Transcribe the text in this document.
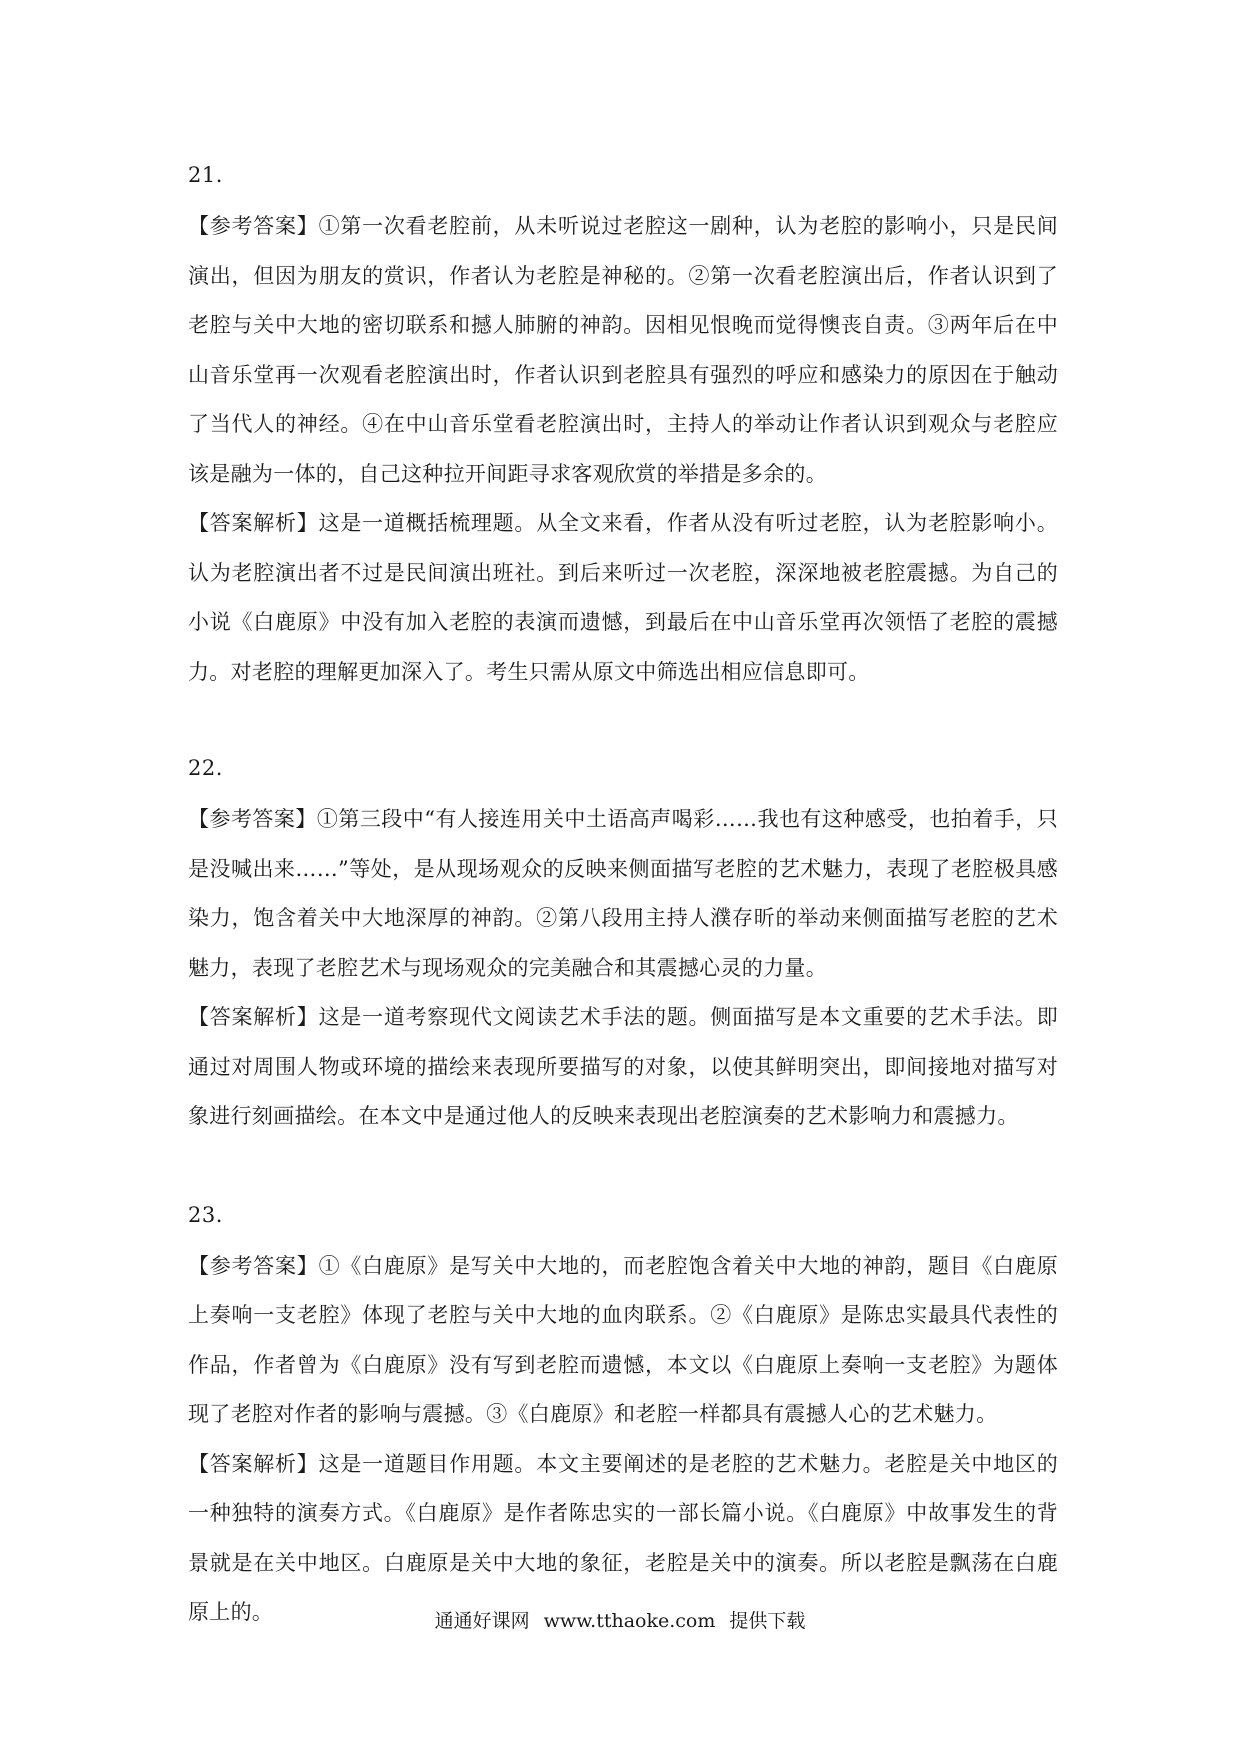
21.

【参考答案】①第一次看老腔前，从未听说过老腔这一剧种，认为老腔的影响小，只是民间演出，但因为朋友的赏识，作者认为老腔是神秘的。②第一次看老腔演出后，作者认识到了老腔与关中大地的密切联系和撼人肺腑的神韵。因相见恨晚而觉得懊丧自责。③两年后在中山音乐堂再一次观看老腔演出时，作者认识到老腔具有强烈的呼应和感染力的原因在于触动了当代人的神经。④在中山音乐堂看老腔演出时，主持人的举动让作者认识到观众与老腔应该是融为一体的，自己这种拉开间距寻求客观欣赏的举措是多余的。

【答案解析】这是一道概括梳理题。从全文来看，作者从没有听过老腔，认为老腔影响小。认为老腔演出者不过是民间演出班社。到后来听过一次老腔，深深地被老腔震撼。为自己的小说《白鹿原》中没有加入老腔的表演而遗憾，到最后在中山音乐堂再次领悟了老腔的震撼力。对老腔的理解更加深入了。考生只需从原文中筛选出相应信息即可。

22.

【参考答案】①第三段中“有人接连用关中土语高声喝彩……我也有这种感受，也拍着手，只是没喊出来……”等处，是从现场观众的反映来侧面描写老腔的艺术魅力，表现了老腔极具感染力，饱含着关中大地深厚的神韵。②第八段用主持人濮存昕的举动来侧面描写老腔的艺术魅力，表现了老腔艺术与现场观众的完美融合和其震撼心灵的力量。

【答案解析】这是一道考察现代文阅读艺术手法的题。侧面描写是本文重要的艺术手法。即通过对周围人物或环境的描绘来表现所要描写的对象，以使其鲜明突出，即间接地对描写对象进行刻画描绘。在本文中是通过他人的反映来表现出老腔演奏的艺术影响力和震撼力。

23.

【参考答案】①《白鹿原》是写关中大地的，而老腔饱含着关中大地的神韵，题目《白鹿原上奏响一支老腔》体现了老腔与关中大地的血肉联系。②《白鹿原》是陈忠实最具代表性的作品，作者曾为《白鹿原》没有写到老腔而遗憾，本文以《白鹿原上奏响一支老腔》为题体现了老腔对作者的影响与震撼。③《白鹿原》和老腔一样都具有震撼人心的艺术魅力。

【答案解析】这是一道题目作用题。本文主要阐述的是老腔的艺术魅力。老腔是关中地区的一种独特的演奏方式。《白鹿原》是作者陈忠实的一部长篇小说。《白鹿原》中故事发生的背景就是在关中地区。白鹿原是关中大地的象征，老腔是关中的演奏。所以老腔是飘荡在白鹿原上的。	通通好课网 www.tthaoke.com 提供下载
